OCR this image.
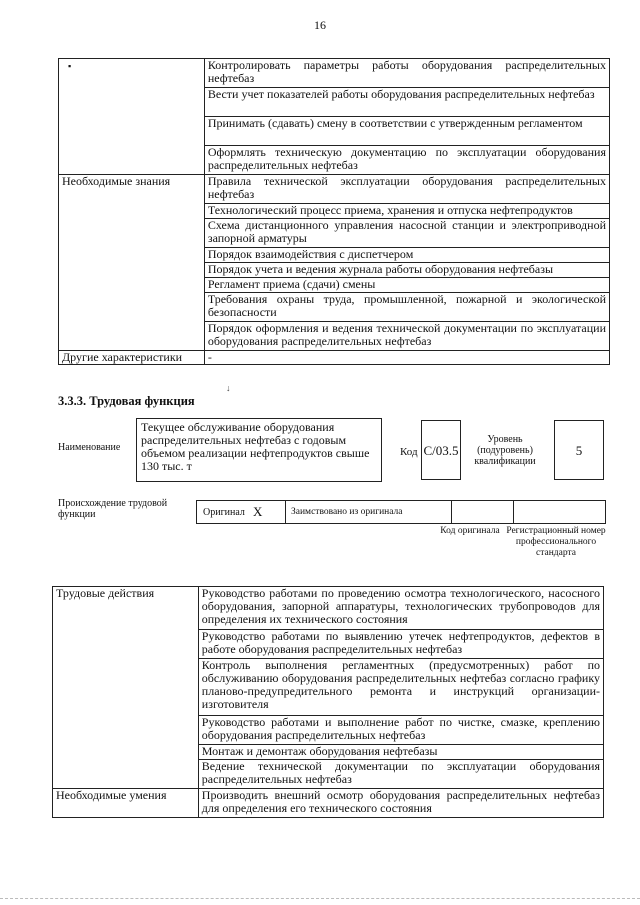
16
▪	Контролировать параметры работы оборудования распределительных нефтебаз
	Вести учет показателей работы оборудования распределительных нефтебаз
	Принимать (сдавать) смену в соответствии с утвержденным регламентом
	Оформлять техническую документацию по эксплуатации оборудования распределительных нефтебаз
Необходимые знания	Правила технической эксплуатации оборудования распределительных нефтебаз
	Технологический процесс приема, хранения и отпуска нефтепродуктов
	Схема дистанционного управления насосной станции и электроприводной запорной арматуры
	Порядок взаимодействия с диспетчером
	Порядок учета и ведения журнала работы оборудования нефтебазы
	Регламент приема (сдачи) смены
	Требования охраны труда, промышленной, пожарной и экологической безопасности
	Порядок оформления и ведения технической документации по эксплуатации оборудования распределительных нефтебаз
Другие характеристики	-
↓
3.3.3. Трудовая функция
Наименование
Текущее обслуживание оборудования распределительных нефтебаз с годовым объемом реализации нефтепродуктов свыше 130 тыс. т
Код C/03.5
Уровень (подуровень) квалификации
5
Происхождение трудовой функции	Оригинал X	Заимствовано из оригинала
Код оригинала Регистрационный номер профессионального стандарта
Трудовые действия	Руководство работами по проведению осмотра технологического, насосного оборудования, запорной аппаратуры, технологических трубопроводов для определения их технического состояния
	Руководство работами по выявлению утечек нефтепродуктов, дефектов в работе оборудования распределительных нефтебаз
	Контроль выполнения регламентных (предусмотренных) работ по обслуживанию оборудования распределительных нефтебаз согласно графику планово-предупредительного ремонта и инструкций организации-изготовителя
	Руководство работами и выполнение работ по чистке, смазке, креплению оборудования распределительных нефтебаз
	Монтаж и демонтаж оборудования нефтебазы
	Ведение технической документации по эксплуатации оборудования распределительных нефтебаз
Необходимые умения	Производить внешний осмотр оборудования распределительных нефтебаз для определения его технического состояния
